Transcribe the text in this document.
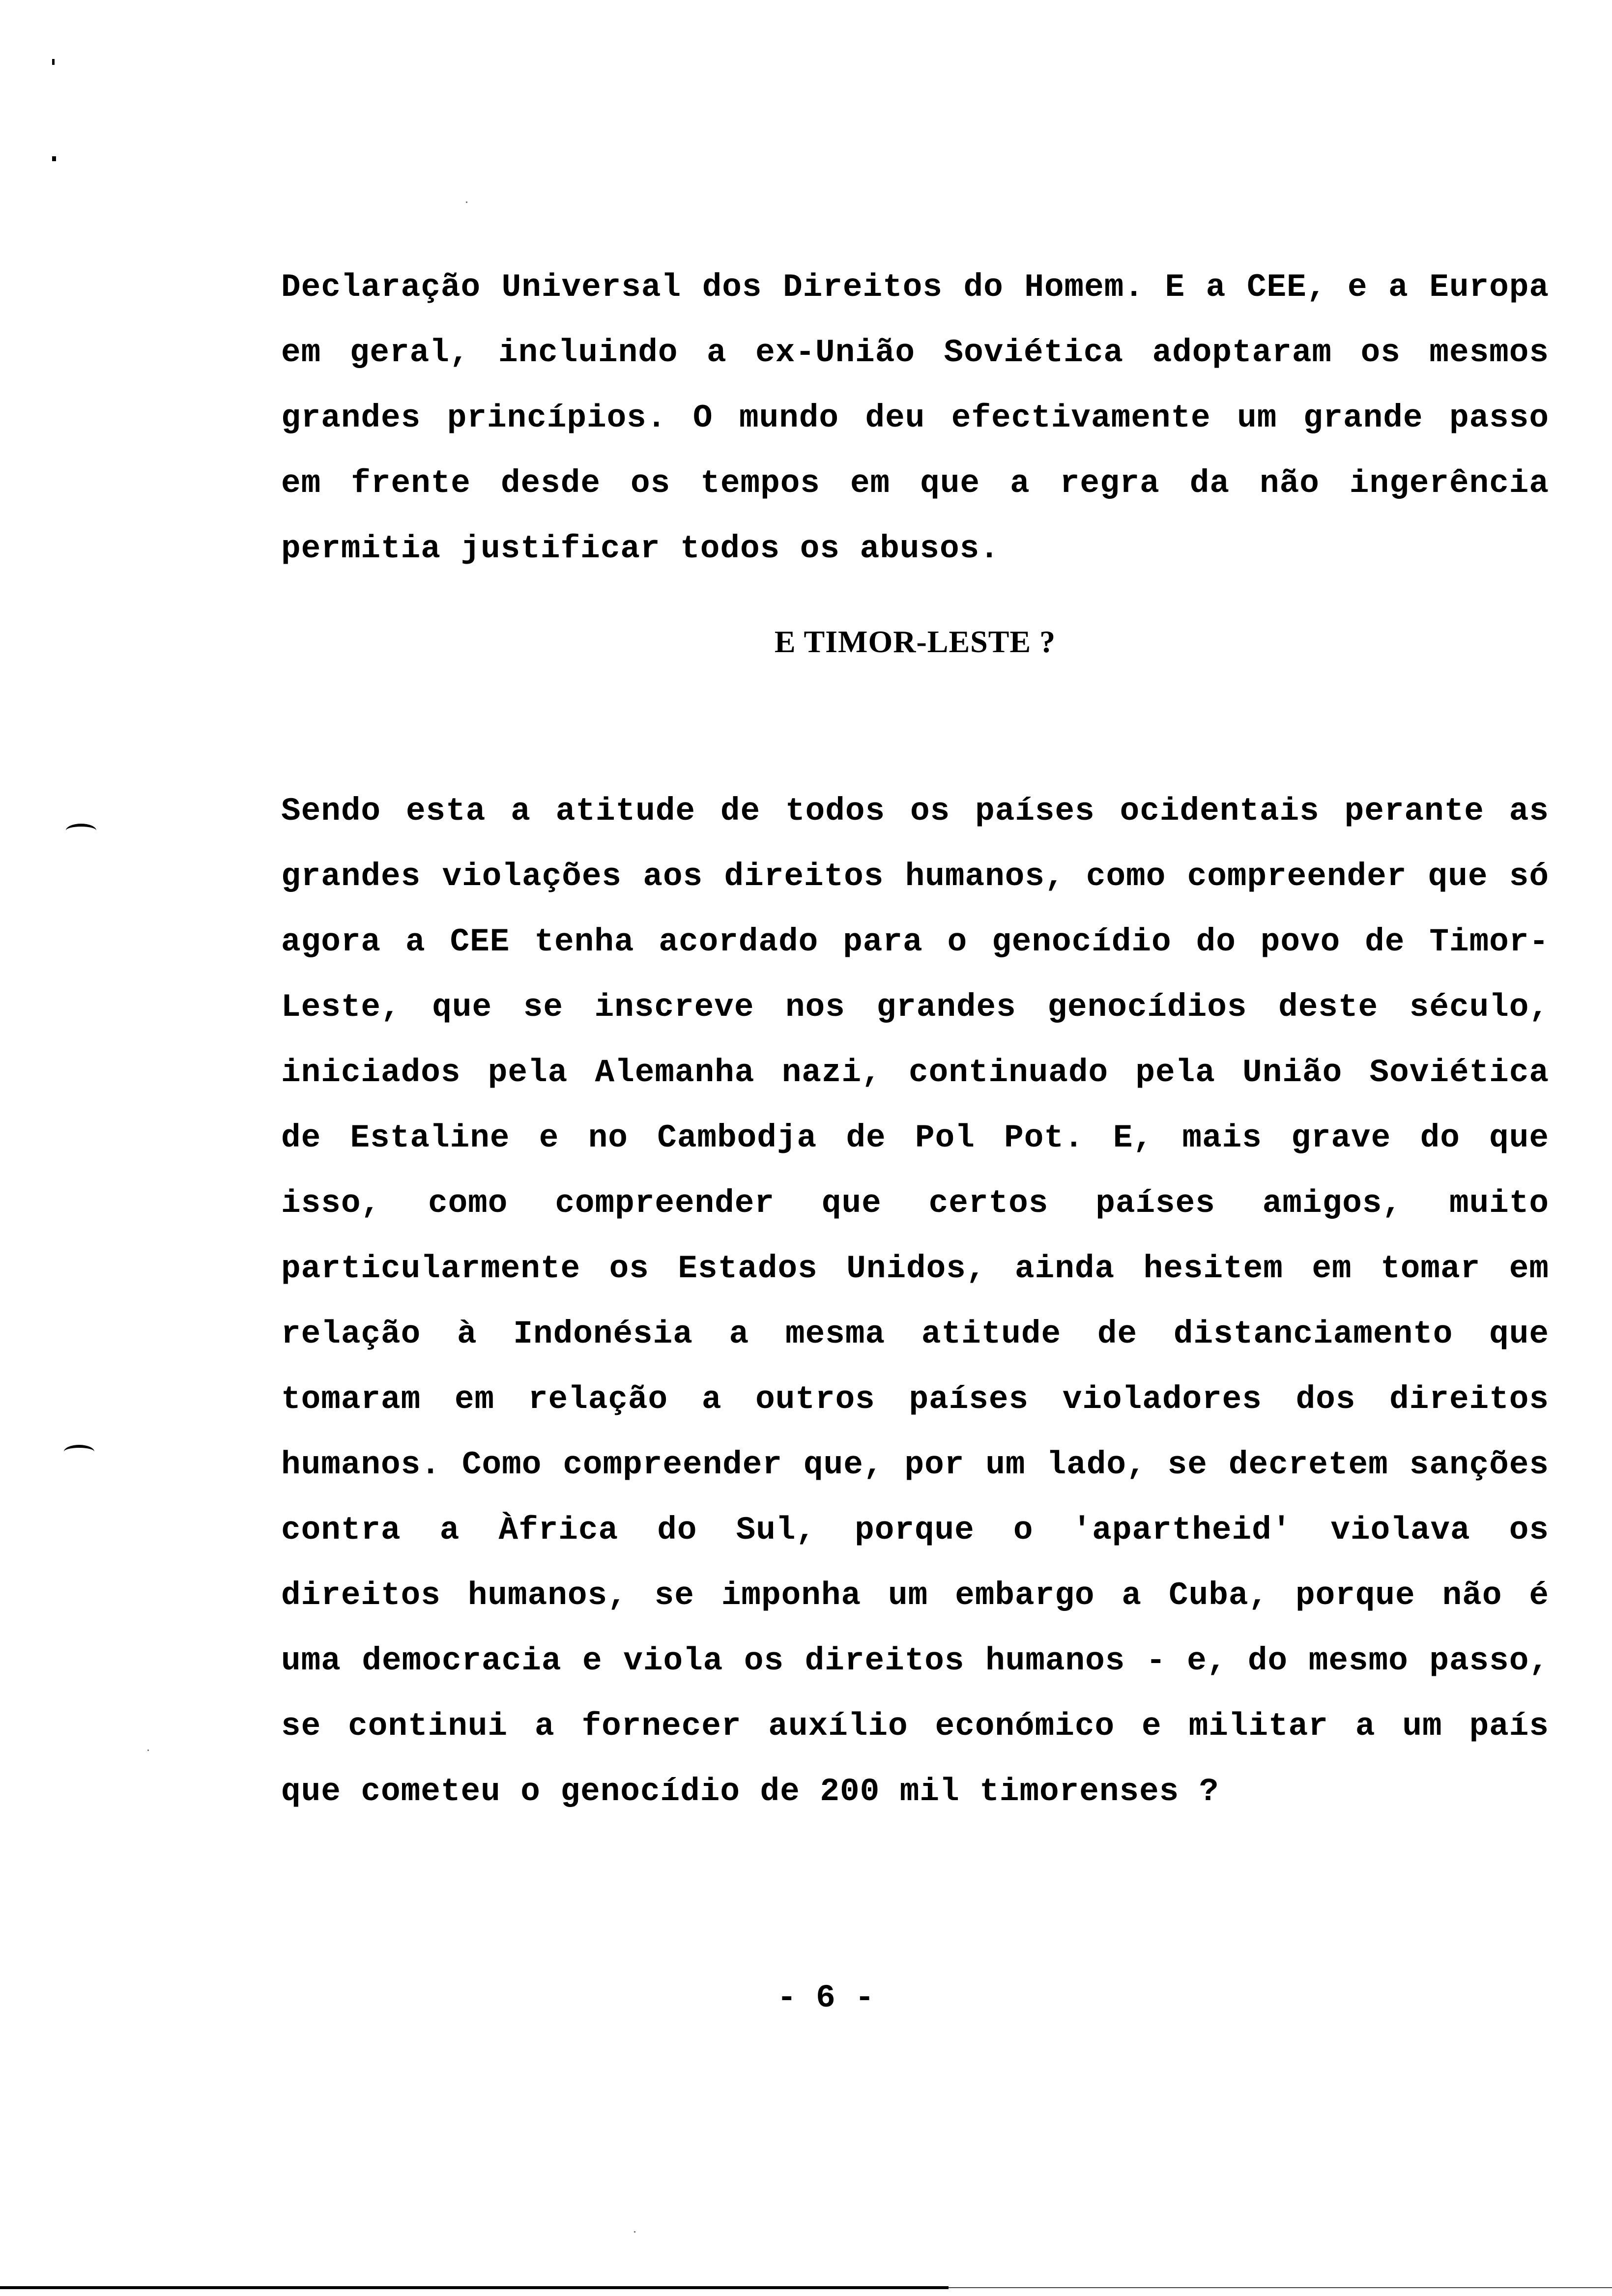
Declaração Universal dos Direitos do Homem. E a CEE, e a Europa em geral, incluindo a ex-União Soviética adoptaram os mesmos grandes princípios. O mundo deu efectivamente um grande passo em frente desde os tempos em que a regra da não ingerência permitia justificar todos os abusos.

E TIMOR-LESTE ?

Sendo esta a atitude de todos os países ocidentais perante as grandes violações aos direitos humanos, como compreender que só agora a CEE tenha acordado para o genocídio do povo de Timor-Leste, que se inscreve nos grandes genocídios deste século, iniciados pela Alemanha nazi, continuado pela União Soviética de Estaline e no Cambodja de Pol Pot. E, mais grave do que isso, como compreender que certos países amigos, muito particularmente os Estados Unidos, ainda hesitem em tomar em relação à Indonésia a mesma atitude de distanciamento que tomaram em relação a outros países violadores dos direitos humanos. Como compreender que, por um lado, se decretem sanções contra a Àfrica do Sul, porque o 'apartheid' violava os direitos humanos, se imponha um embargo a Cuba, porque não é uma democracia e viola os direitos humanos - e, do mesmo passo, se continui a fornecer auxílio económico e militar a um país que cometeu o genocídio de 200 mil timorenses ?

- 6 -
